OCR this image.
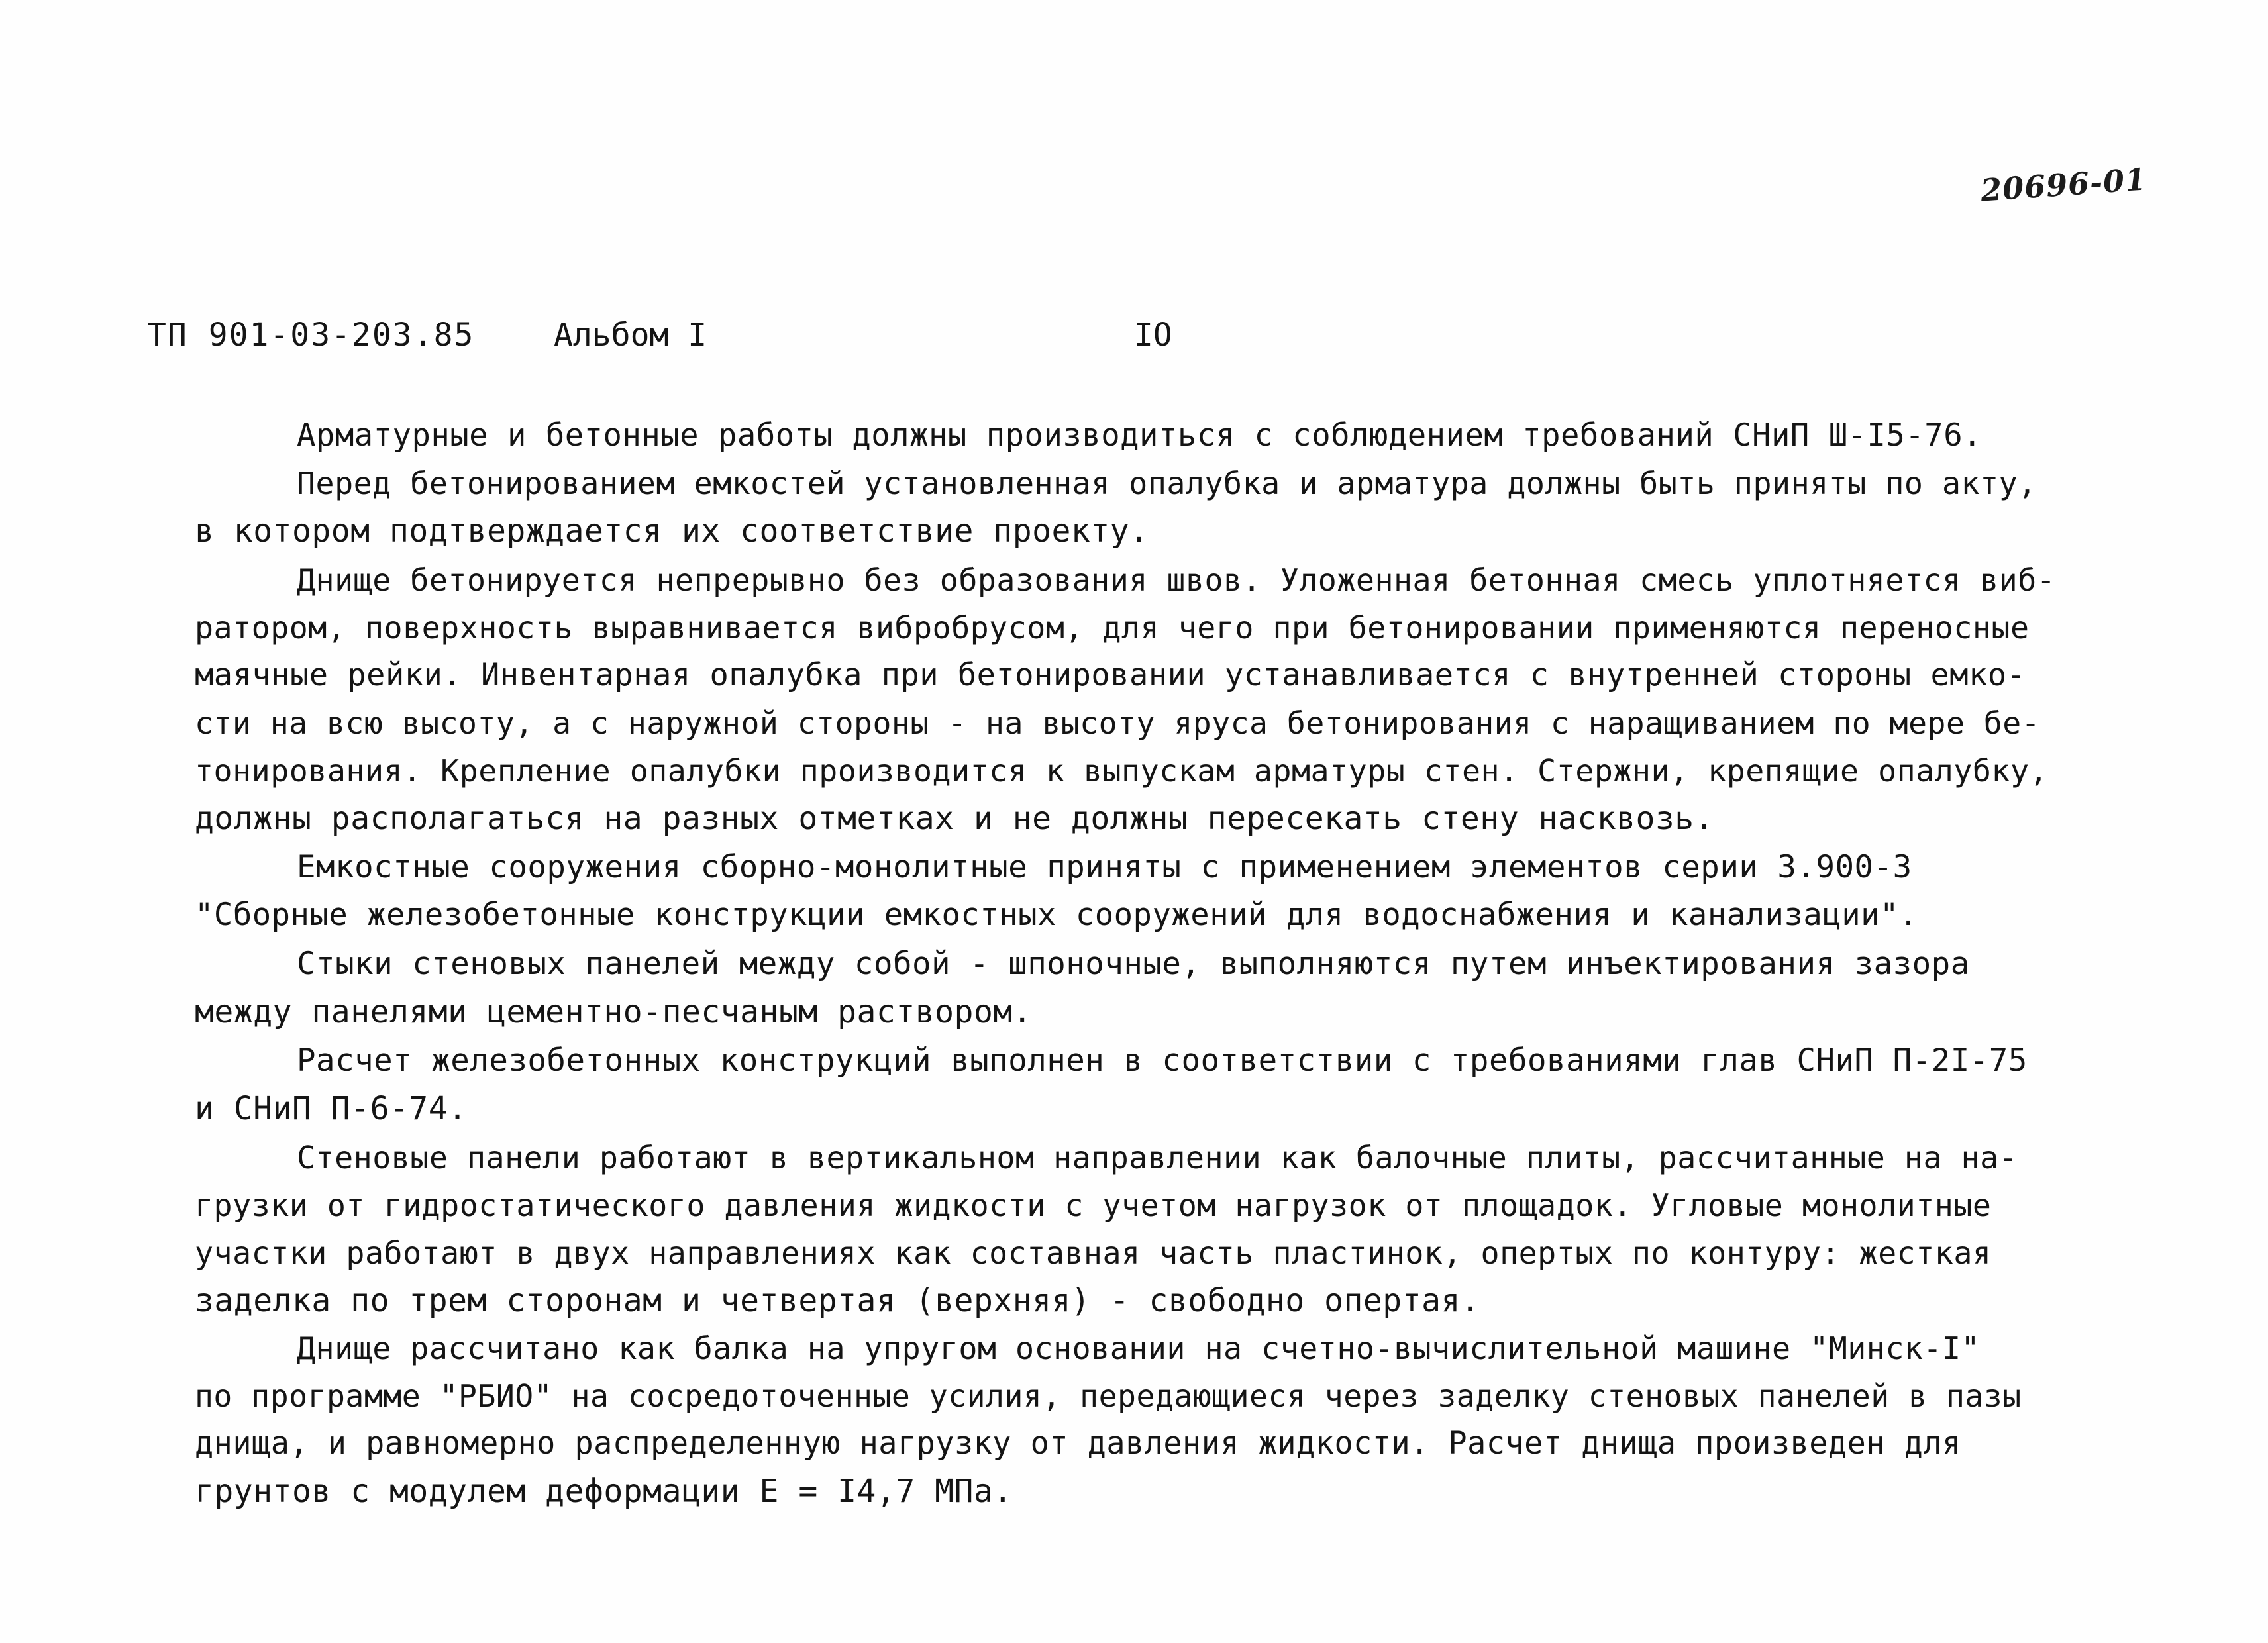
20696-01
ТП 901-03-203.85 Альбом I	IO
Арматурные и бетонные работы должны производиться с соблюдением требований СНиП Ш-I5-76.
Перед бетонированием емкостей установленная опалубка и арматура должны быть приняты по акту,
в котором подтверждается их соответствие проекту.
Днище бетонируется непрерывно без образования швов. Уложенная бетонная смесь уплотняется виб-
ратором, поверхность выравнивается вибробрусом, для чего при бетонировании применяются переносные
маячные рейки. Инвентарная опалубка при бетонировании устанавливается с внутренней стороны емко-
сти на всю высоту, а с наружной стороны - на высоту яруса бетонирования с наращиванием по мере бе-
тонирования. Крепление опалубки производится к выпускам арматуры стен. Стержни, крепящие опалубку,
должны располагаться на разных отметках и не должны пересекать стену насквозь.
Емкостные сооружения сборно-монолитные приняты с применением элементов серии 3.900-3
"Сборные железобетонные конструкции емкостных сооружений для водоснабжения и канализации".
Стыки стеновых панелей между собой - шпоночные, выполняются путем инъектирования зазора
между панелями цементно-песчаным раствором.
Расчет железобетонных конструкций выполнен в соответствии с требованиями глав СНиП П-2I-75
и СНиП П-6-74.
Стеновые панели работают в вертикальном направлении как балочные плиты, рассчитанные на на-
грузки от гидростатического давления жидкости с учетом нагрузок от площадок. Угловые монолитные
участки работают в двух направлениях как составная часть пластинок, опертых по контуру: жесткая
заделка по трем сторонам и четвертая (верхняя) - свободно опертая.
Днище рассчитано как балка на упругом основании на счетно-вычислительной машине "Минск-I"
по программе "РБИО" на сосредоточенные усилия, передающиеся через заделку стеновых панелей в пазы
днища, и равномерно распределенную нагрузку от давления жидкости. Расчет днища произведен для
грунтов с модулем деформации Е = I4,7 МПа.
